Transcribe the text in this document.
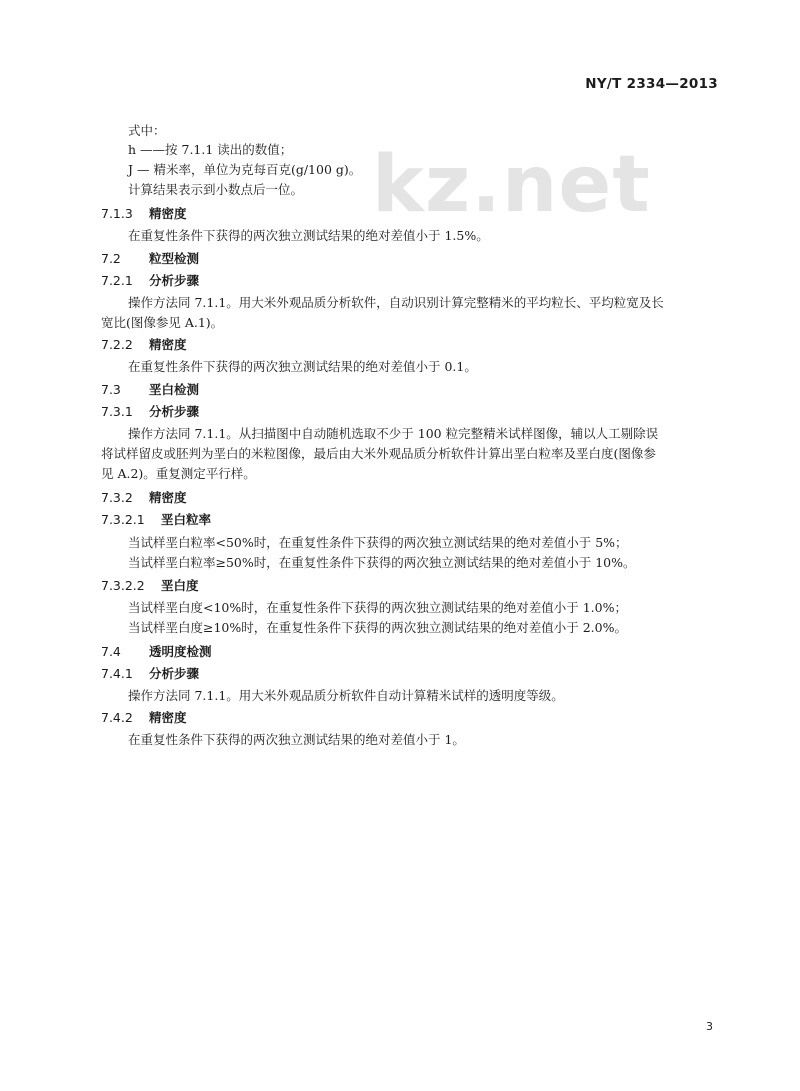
NY/T 2334—2013
kz.net
式中：
h ——按 7.1.1 读出的数值；
J — 精米率，单位为克每百克(g/100 g)。
计算结果表示到小数点后一位。
7.1.3 精密度
在重复性条件下获得的两次独立测试结果的绝对差值小于 1.5%。
7.2 粒型检测
7.2.1 分析步骤
操作方法同 7.1.1。用大米外观品质分析软件，自动识别计算完整精米的平均粒长、平均粒宽及长
宽比(图像参见 A.1)。
7.2.2 精密度
在重复性条件下获得的两次独立测试结果的绝对差值小于 0.1。
7.3 垩白检测
7.3.1 分析步骤
操作方法同 7.1.1。从扫描图中自动随机选取不少于 100 粒完整精米试样图像，辅以人工剔除误
将试样留皮或胚判为垩白的米粒图像，最后由大米外观品质分析软件计算出垩白粒率及垩白度(图像参
见 A.2)。重复测定平行样。
7.3.2 精密度
7.3.2.1 垩白粒率
当试样垩白粒率<50%时，在重复性条件下获得的两次独立测试结果的绝对差值小于 5%；
当试样垩白粒率≥50%时，在重复性条件下获得的两次独立测试结果的绝对差值小于 10%。
7.3.2.2 垩白度
当试样垩白度<10%时，在重复性条件下获得的两次独立测试结果的绝对差值小于 1.0%；
当试样垩白度≥10%时，在重复性条件下获得的两次独立测试结果的绝对差值小于 2.0%。
7.4 透明度检测
7.4.1 分析步骤
操作方法同 7.1.1。用大米外观品质分析软件自动计算精米试样的透明度等级。
7.4.2 精密度
在重复性条件下获得的两次独立测试结果的绝对差值小于 1。
3
